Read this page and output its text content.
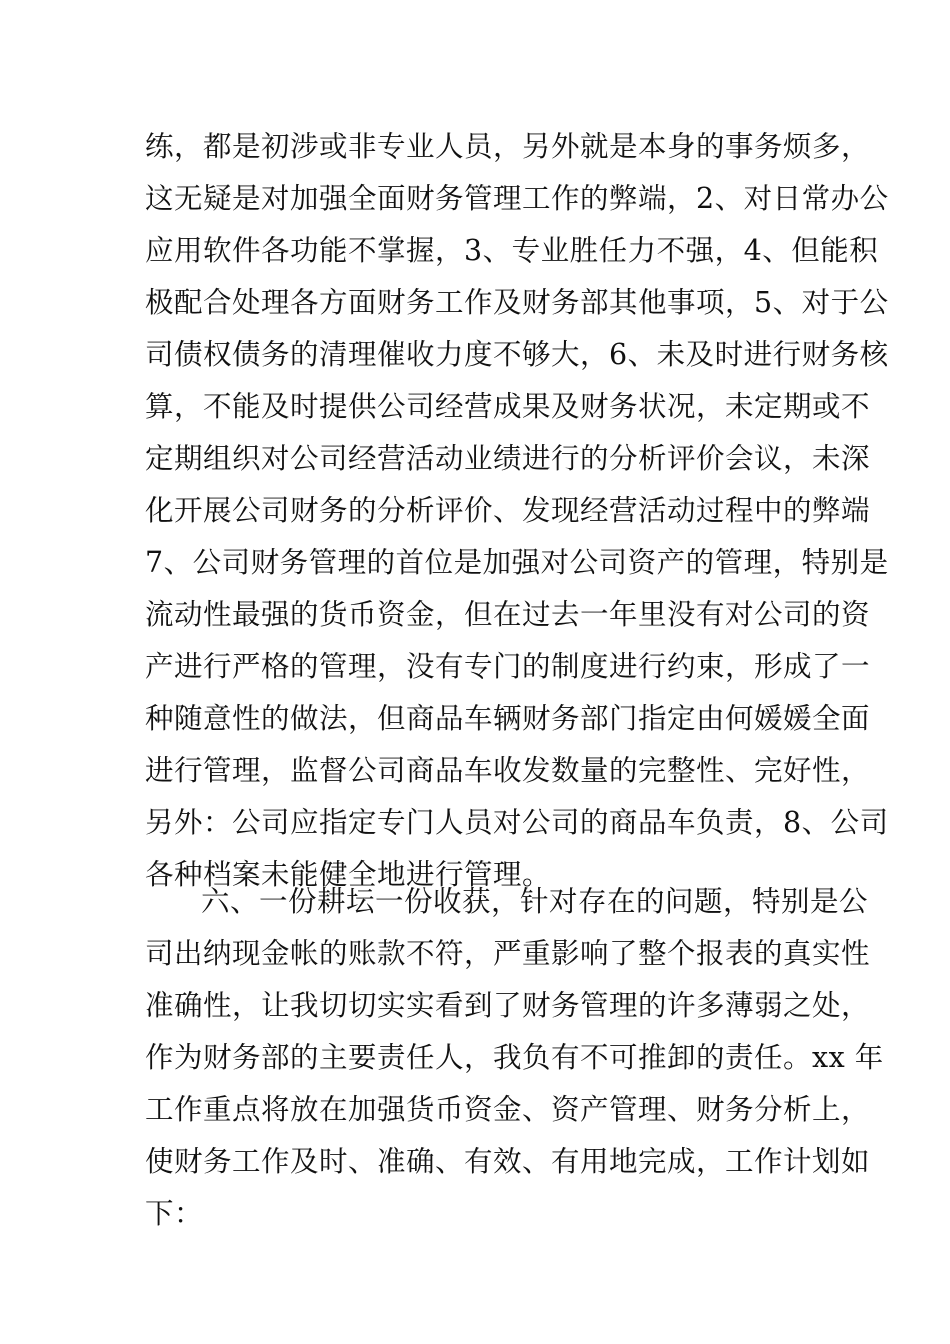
练，都是初涉或非专业人员，另外就是本身的事务烦多，
这无疑是对加强全面财务管理工作的弊端，2、对日常办公
应用软件各功能不掌握，3、专业胜任力不强，4、但能积
极配合处理各方面财务工作及财务部其他事项，5、对于公
司债权债务的清理催收力度不够大，6、未及时进行财务核
算，不能及时提供公司经营成果及财务状况，未定期或不
定期组织对公司经营活动业绩进行的分析评价会议，未深
化开展公司财务的分析评价、发现经营活动过程中的弊端
7、公司财务管理的首位是加强对公司资产的管理，特别是
流动性最强的货币资金，但在过去一年里没有对公司的资
产进行严格的管理，没有专门的制度进行约束，形成了一
种随意性的做法，但商品车辆财务部门指定由何媛媛全面
进行管理，监督公司商品车收发数量的完整性、完好性，
另外：公司应指定专门人员对公司的商品车负责，8、公司
各种档案未能健全地进行管理。
六、一份耕坛一份收获，针对存在的问题，特别是公
司出纳现金帐的账款不符，严重影响了整个报表的真实性
准确性，让我切切实实看到了财务管理的许多薄弱之处，
作为财务部的主要责任人，我负有不可推卸的责任。xx 年
工作重点将放在加强货币资金、资产管理、财务分析上，
使财务工作及时、准确、有效、有用地完成，工作计划如
下：
